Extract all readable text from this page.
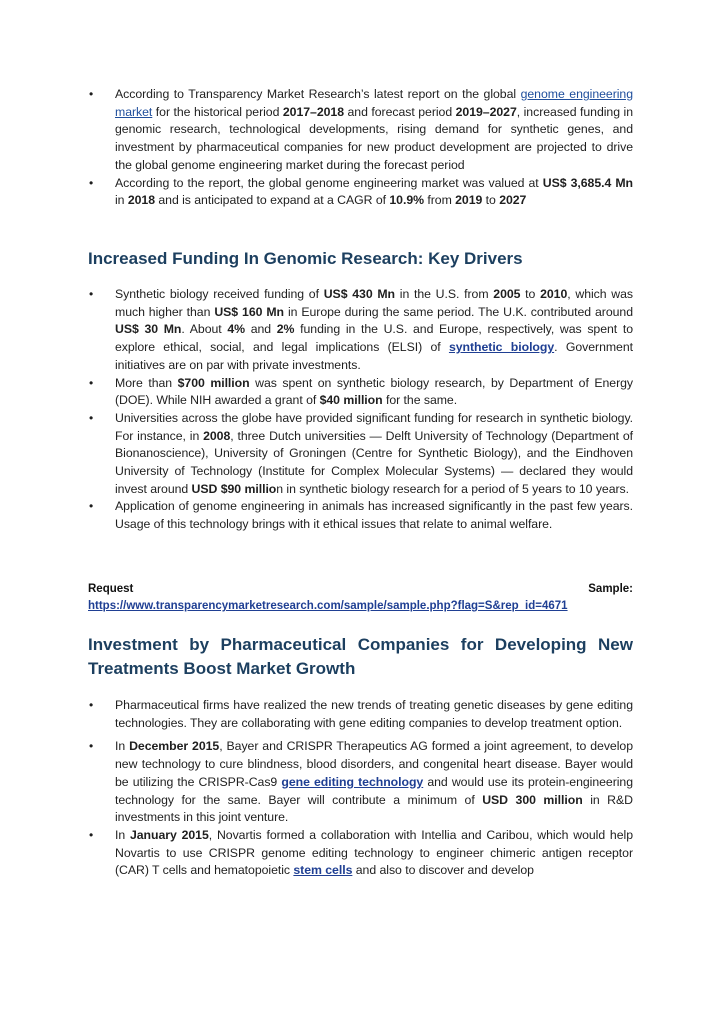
• According to Transparency Market Research’s latest report on the global genome engineering market for the historical period 2017–2018 and forecast period 2019–2027, increased funding in genomic research, technological developments, rising demand for synthetic genes, and investment by pharmaceutical companies for new product development are projected to drive the global genome engineering market during the forecast period
• According to the report, the global genome engineering market was valued at US$ 3,685.4 Mn in 2018 and is anticipated to expand at a CAGR of 10.9% from 2019 to 2027
Increased Funding In Genomic Research: Key Drivers
• Synthetic biology received funding of US$ 430 Mn in the U.S. from 2005 to 2010, which was much higher than US$ 160 Mn in Europe during the same period. The U.K. contributed around US$ 30 Mn. About 4% and 2% funding in the U.S. and Europe, respectively, was spent to explore ethical, social, and legal implications (ELSI) of synthetic biology. Government initiatives are on par with private investments.
• More than $700 million was spent on synthetic biology research, by Department of Energy (DOE). While NIH awarded a grant of $40 million for the same.
• Universities across the globe have provided significant funding for research in synthetic biology. For instance, in 2008, three Dutch universities — Delft University of Technology (Department of Bionanoscience), University of Groningen (Centre for Synthetic Biology), and the Eindhoven University of Technology (Institute for Complex Molecular Systems) — declared they would invest around USD $90 million in synthetic biology research for a period of 5 years to 10 years.
• Application of genome engineering in animals has increased significantly in the past few years. Usage of this technology brings with it ethical issues that relate to animal welfare.
Request	Sample:
https://www.transparencymarketresearch.com/sample/sample.php?flag=S&rep_id=4671
Investment by Pharmaceutical Companies for Developing New Treatments Boost Market Growth
• Pharmaceutical firms have realized the new trends of treating genetic diseases by gene editing technologies. They are collaborating with gene editing companies to develop treatment option.
• In December 2015, Bayer and CRISPR Therapeutics AG formed a joint agreement, to develop new technology to cure blindness, blood disorders, and congenital heart disease. Bayer would be utilizing the CRISPR-Cas9 gene editing technology and would use its protein-engineering technology for the same. Bayer will contribute a minimum of USD 300 million in R&D investments in this joint venture.
• In January 2015, Novartis formed a collaboration with Intellia and Caribou, which would help Novartis to use CRISPR genome editing technology to engineer chimeric antigen receptor (CAR) T cells and hematopoietic stem cells and also to discover and develop
